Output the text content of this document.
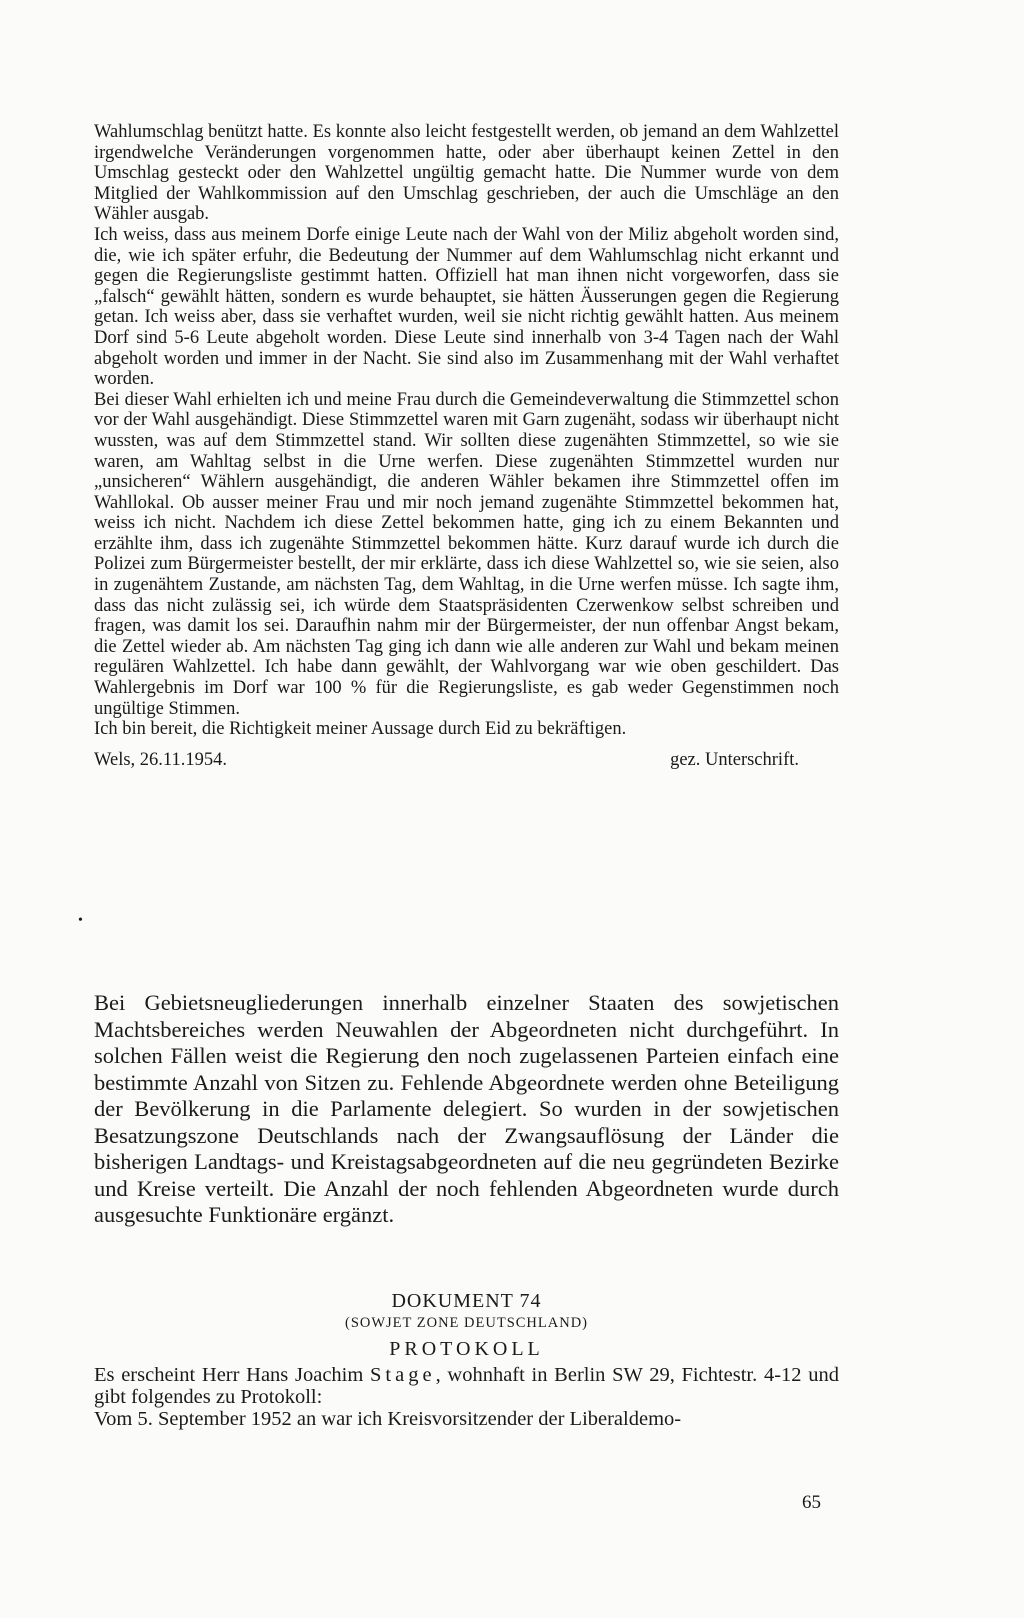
Wahlumschlag benützt hatte. Es konnte also leicht festgestellt werden, ob jemand an dem Wahlzettel irgendwelche Veränderungen vorgenommen hatte, oder aber überhaupt keinen Zettel in den Umschlag gesteckt oder den Wahlzettel ungültig gemacht hatte. Die Nummer wurde von dem Mitglied der Wahlkommission auf den Umschlag geschrieben, der auch die Umschläge an den Wähler ausgab.

Ich weiss, dass aus meinem Dorfe einige Leute nach der Wahl von der Miliz abgeholt worden sind, die, wie ich später erfuhr, die Bedeutung der Nummer auf dem Wahlumschlag nicht erkannt und gegen die Regierungsliste gestimmt hatten. Offiziell hat man ihnen nicht vorgeworfen, dass sie „falsch“ gewählt hätten, sondern es wurde behauptet, sie hätten Äusserungen gegen die Regierung getan. Ich weiss aber, dass sie verhaftet wurden, weil sie nicht richtig gewählt hatten. Aus meinem Dorf sind 5-6 Leute abgeholt worden. Diese Leute sind innerhalb von 3-4 Tagen nach der Wahl abgeholt worden und immer in der Nacht. Sie sind also im Zusammenhang mit der Wahl verhaftet worden.

Bei dieser Wahl erhielten ich und meine Frau durch die Gemeindeverwaltung die Stimmzettel schon vor der Wahl ausgehändigt. Diese Stimmzettel waren mit Garn zugenäht, sodass wir überhaupt nicht wussten, was auf dem Stimmzettel stand. Wir sollten diese zugenähten Stimmzettel, so wie sie waren, am Wahltag selbst in die Urne werfen. Diese zugenähten Stimmzettel wurden nur „unsicheren“ Wählern ausgehändigt, die anderen Wähler bekamen ihre Stimmzettel offen im Wahllokal. Ob ausser meiner Frau und mir noch jemand zugenähte Stimmzettel bekommen hat, weiss ich nicht. Nachdem ich diese Zettel bekommen hatte, ging ich zu einem Bekannten und erzählte ihm, dass ich zugenähte Stimmzettel bekommen hätte. Kurz darauf wurde ich durch die Polizei zum Bürgermeister bestellt, der mir erklärte, dass ich diese Wahlzettel so, wie sie seien, also in zugenähtem Zustande, am nächsten Tag, dem Wahltag, in die Urne werfen müsse. Ich sagte ihm, dass das nicht zulässig sei, ich würde dem Staatspräsidenten Czerwenkow selbst schreiben und fragen, was damit los sei. Daraufhin nahm mir der Bürgermeister, der nun offenbar Angst bekam, die Zettel wieder ab. Am nächsten Tag ging ich dann wie alle anderen zur Wahl und bekam meinen regulären Wahlzettel. Ich habe dann gewählt, der Wahlvorgang war wie oben geschildert. Das Wahlergebnis im Dorf war 100 % für die Regierungsliste, es gab weder Gegenstimmen noch ungültige Stimmen.

Ich bin bereit, die Richtigkeit meiner Aussage durch Eid zu bekräftigen.

Wels, 26.11.1954.	gez. Unterschrift.
•

Bei Gebietsneugliederungen innerhalb einzelner Staaten des sowjetischen Machtsbereiches werden Neuwahlen der Abgeordneten nicht durchgeführt. In solchen Fällen weist die Regierung den noch zugelassenen Parteien einfach eine bestimmte Anzahl von Sitzen zu. Fehlende Abgeordnete werden ohne Beteiligung der Bevölkerung in die Parlamente delegiert. So wurden in der sowjetischen Besatzungszone Deutschlands nach der Zwangsauflösung der Länder die bisherigen Landtags- und Kreistagsabgeordneten auf die neu gegründeten Bezirke und Kreise verteilt. Die Anzahl der noch fehlenden Abgeordneten wurde durch ausgesuchte Funktionäre ergänzt.

DOKUMENT 74
(SOWJET ZONE DEUTSCHLAND)
PROTOKOLL

Es erscheint Herr Hans Joachim Stage, wohnhaft in Berlin SW 29, Fichtestr. 4-12 und gibt folgendes zu Protokoll:

Vom 5. September 1952 an war ich Kreisvorsitzender der Liberaldemo-

65
